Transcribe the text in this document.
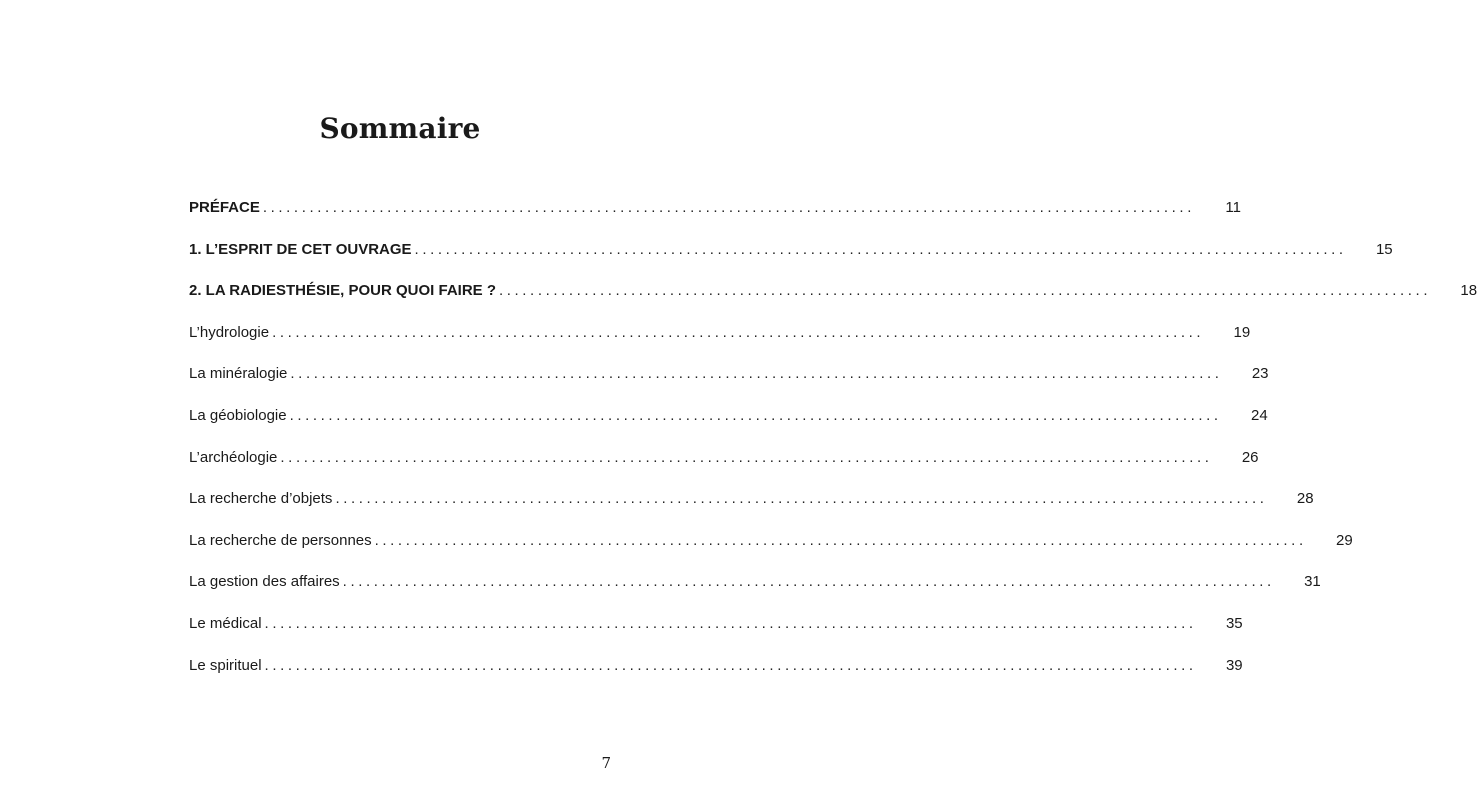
Sommaire
PRÉFACE ........................................................................................................................ 11
1. L’ESPRIT DE CET OUVRAGE ........................................................................................................................ 15
2. LA RADIESTHÉSIE, POUR QUOI FAIRE ? ........................................................................................................................ 18
L’hydrologie ........................................................................................................................ 19
La minéralogie ........................................................................................................................ 23
La géobiologie ........................................................................................................................ 24
L’archéologie ........................................................................................................................ 26
La recherche d’objets ........................................................................................................................ 28
La recherche de personnes ........................................................................................................................ 29
La gestion des affaires ........................................................................................................................ 31
Le médical ........................................................................................................................ 35
Le spirituel ........................................................................................................................ 39
7
